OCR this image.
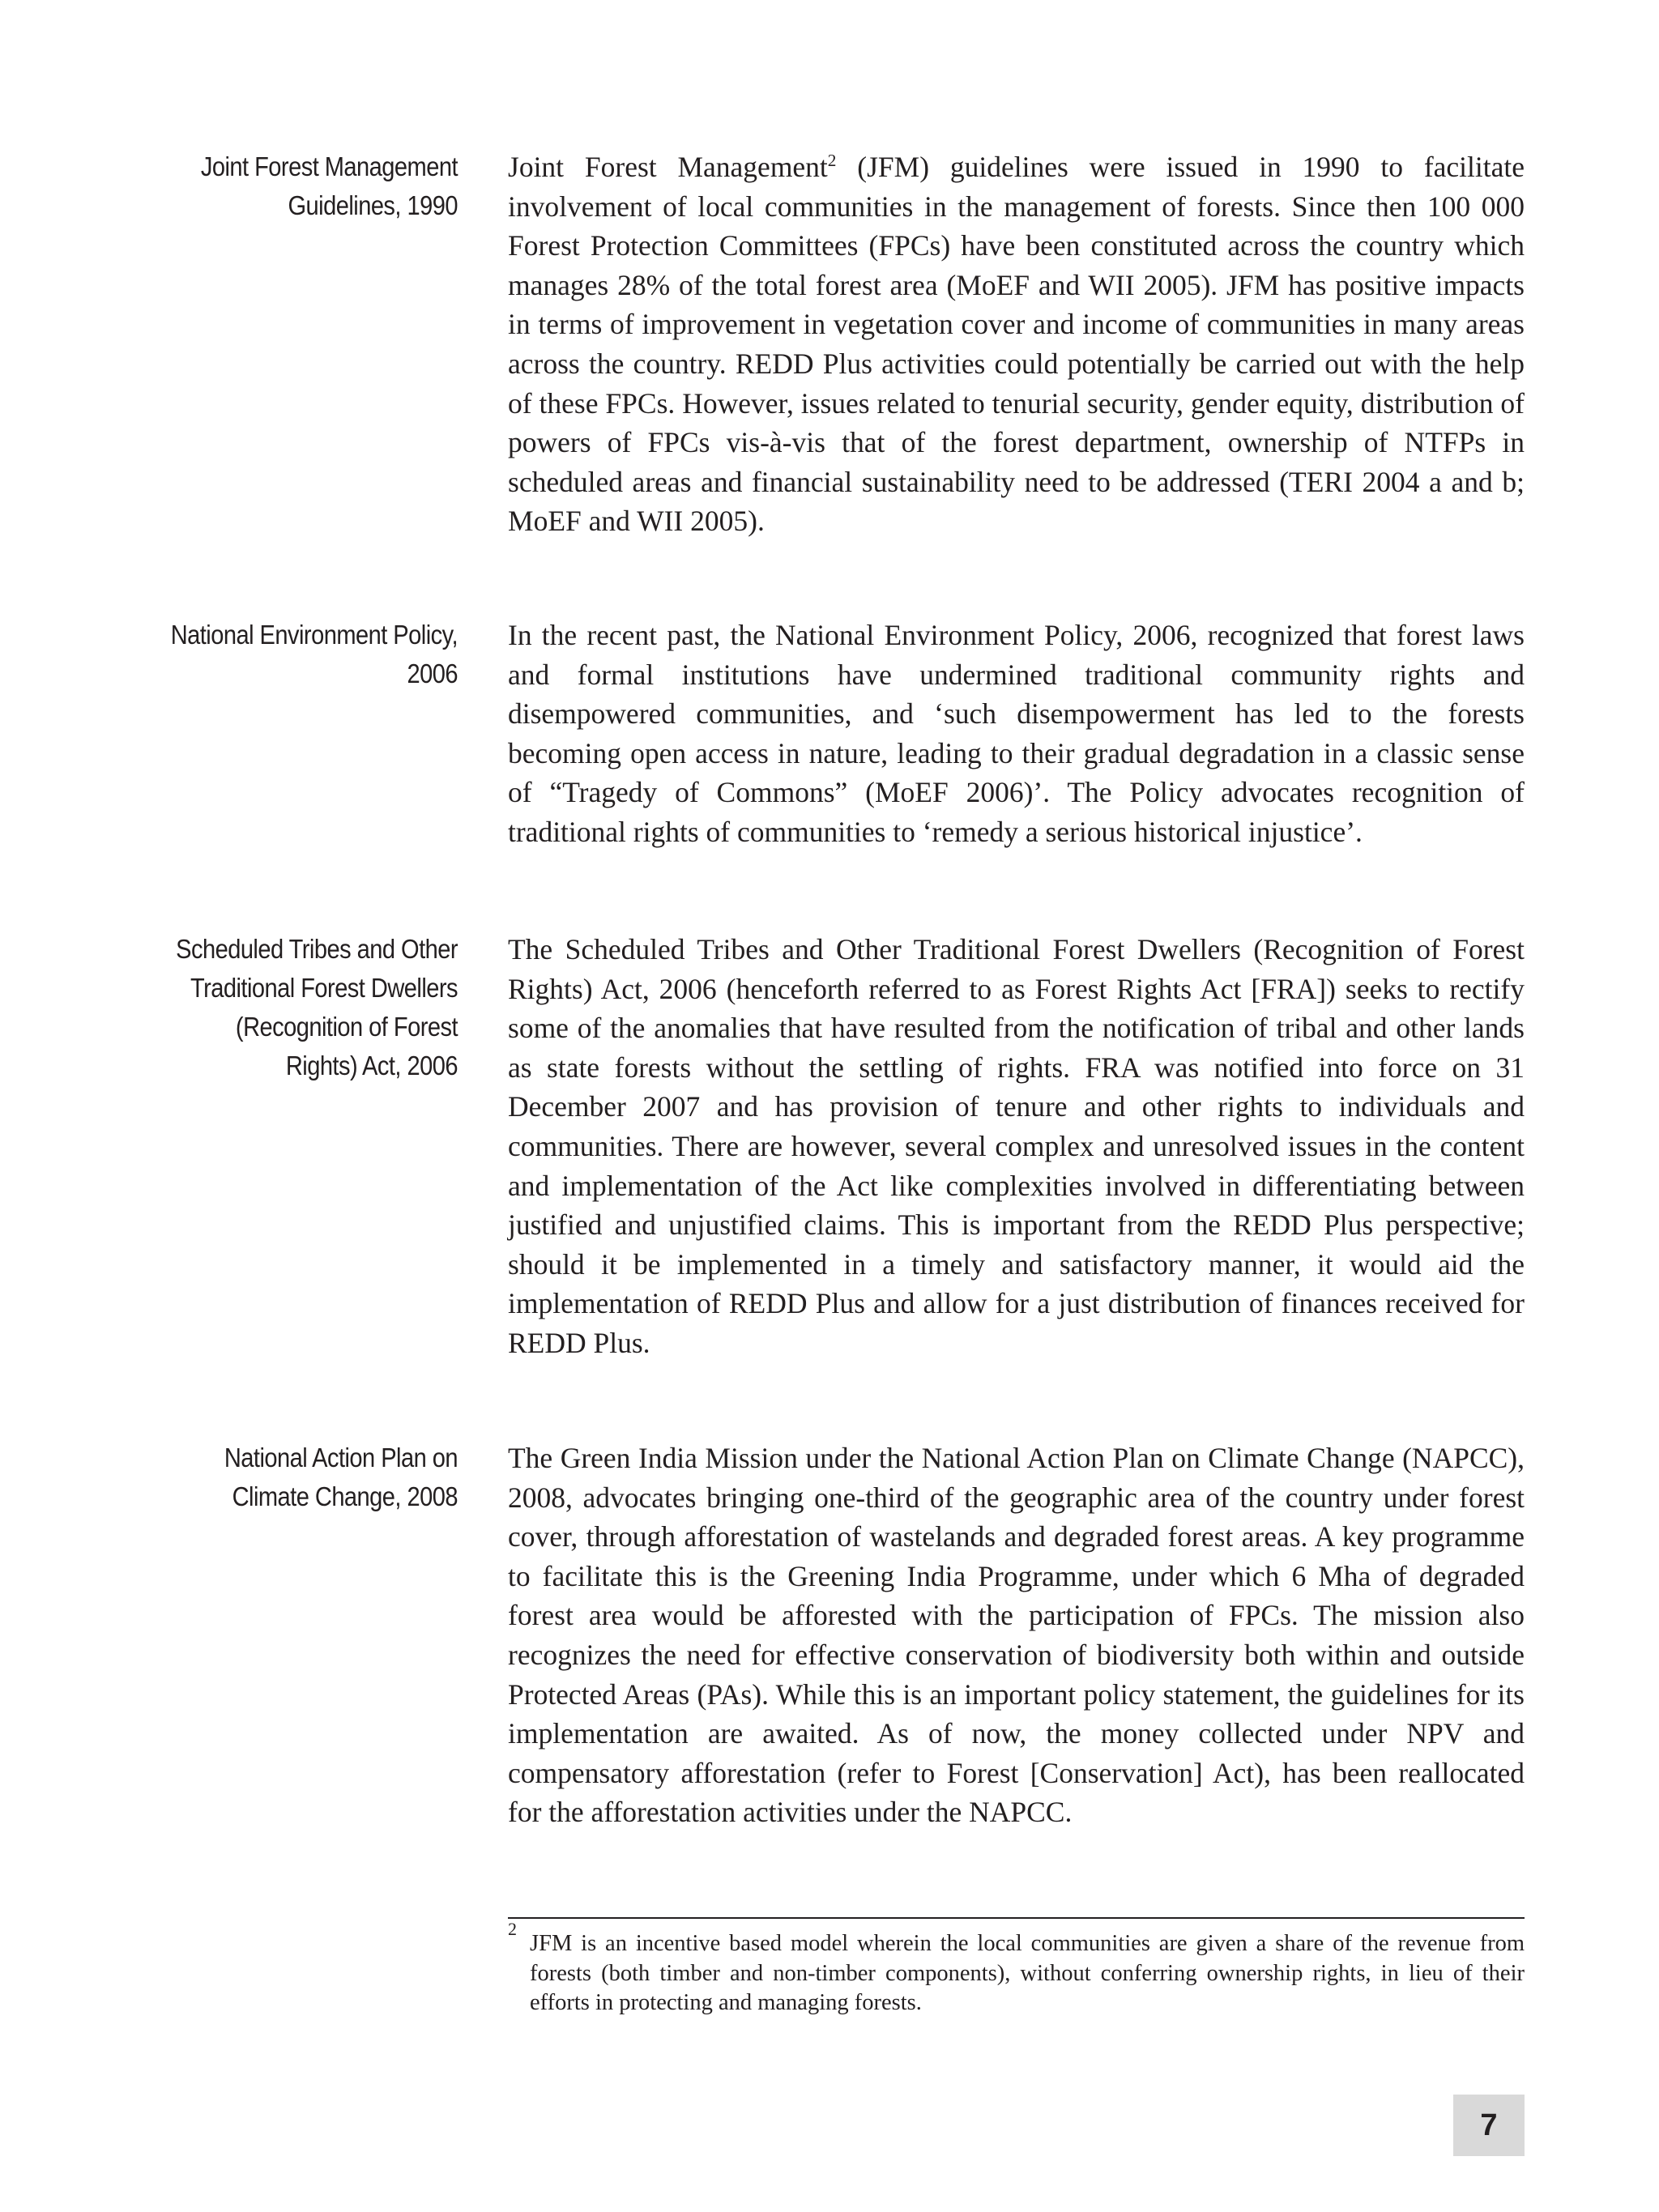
Joint Forest Management Guidelines, 1990

Joint Forest Management$^2$ (JFM) guidelines were issued in 1990 to facilitate involvement of local communities in the management of forests. Since then 100 000 Forest Protection Committees (FPCs) have been constituted across the country which manages 28% of the total forest area (MoEF and WII 2005). JFM has positive impacts in terms of improvement in vegetation cover and income of communities in many areas across the country. REDD Plus activities could potentially be carried out with the help of these FPCs. However, issues related to tenurial security, gender equity, distribution of powers of FPCs vis-à-vis that of the forest department, ownership of NTFPs in scheduled areas and financial sustainability need to be addressed (TERI 2004 a and b; MoEF and WII 2005).

National Environment Policy, 2006

In the recent past, the National Environment Policy, 2006, recognized that forest laws and formal institutions have undermined traditional community rights and disempowered communities, and ‘such disempowerment has led to the forests becoming open access in nature, leading to their gradual degradation in a classic sense of “Tragedy of Commons” (MoEF 2006)’. The Policy advocates recognition of traditional rights of communities to ‘remedy a serious historical injustice’.

Scheduled Tribes and Other Traditional Forest Dwellers (Recognition of Forest Rights) Act, 2006

The Scheduled Tribes and Other Traditional Forest Dwellers (Recognition of Forest Rights) Act, 2006 (henceforth referred to as Forest Rights Act [FRA]) seeks to rectify some of the anomalies that have resulted from the notification of tribal and other lands as state forests without the settling of rights. FRA was notified into force on 31 December 2007 and has provision of tenure and other rights to individuals and communities. There are however, several complex and unresolved issues in the content and implementation of the Act like complexities involved in differentiating between justified and unjustified claims. This is important from the REDD Plus perspective; should it be implemented in a timely and satisfactory manner, it would aid the implementation of REDD Plus and allow for a just distribution of finances received for REDD Plus.

National Action Plan on Climate Change, 2008

The Green India Mission under the National Action Plan on Climate Change (NAPCC), 2008, advocates bringing one-third of the geographic area of the country under forest cover, through afforestation of wastelands and degraded forest areas. A key programme to facilitate this is the Greening India Programme, under which 6 Mha of degraded forest area would be afforested with the participation of FPCs. The mission also recognizes the need for effective conservation of biodiversity both within and outside Protected Areas (PAs). While this is an important policy statement, the guidelines for its implementation are awaited. As of now, the money collected under NPV and compensatory afforestation (refer to Forest [Conservation] Act), has been reallocated for the afforestation activities under the NAPCC.

2
JFM is an incentive based model wherein the local communities are given a share of the revenue from forests (both timber and non-timber components), without conferring ownership rights, in lieu of their efforts in protecting and managing forests.
7
